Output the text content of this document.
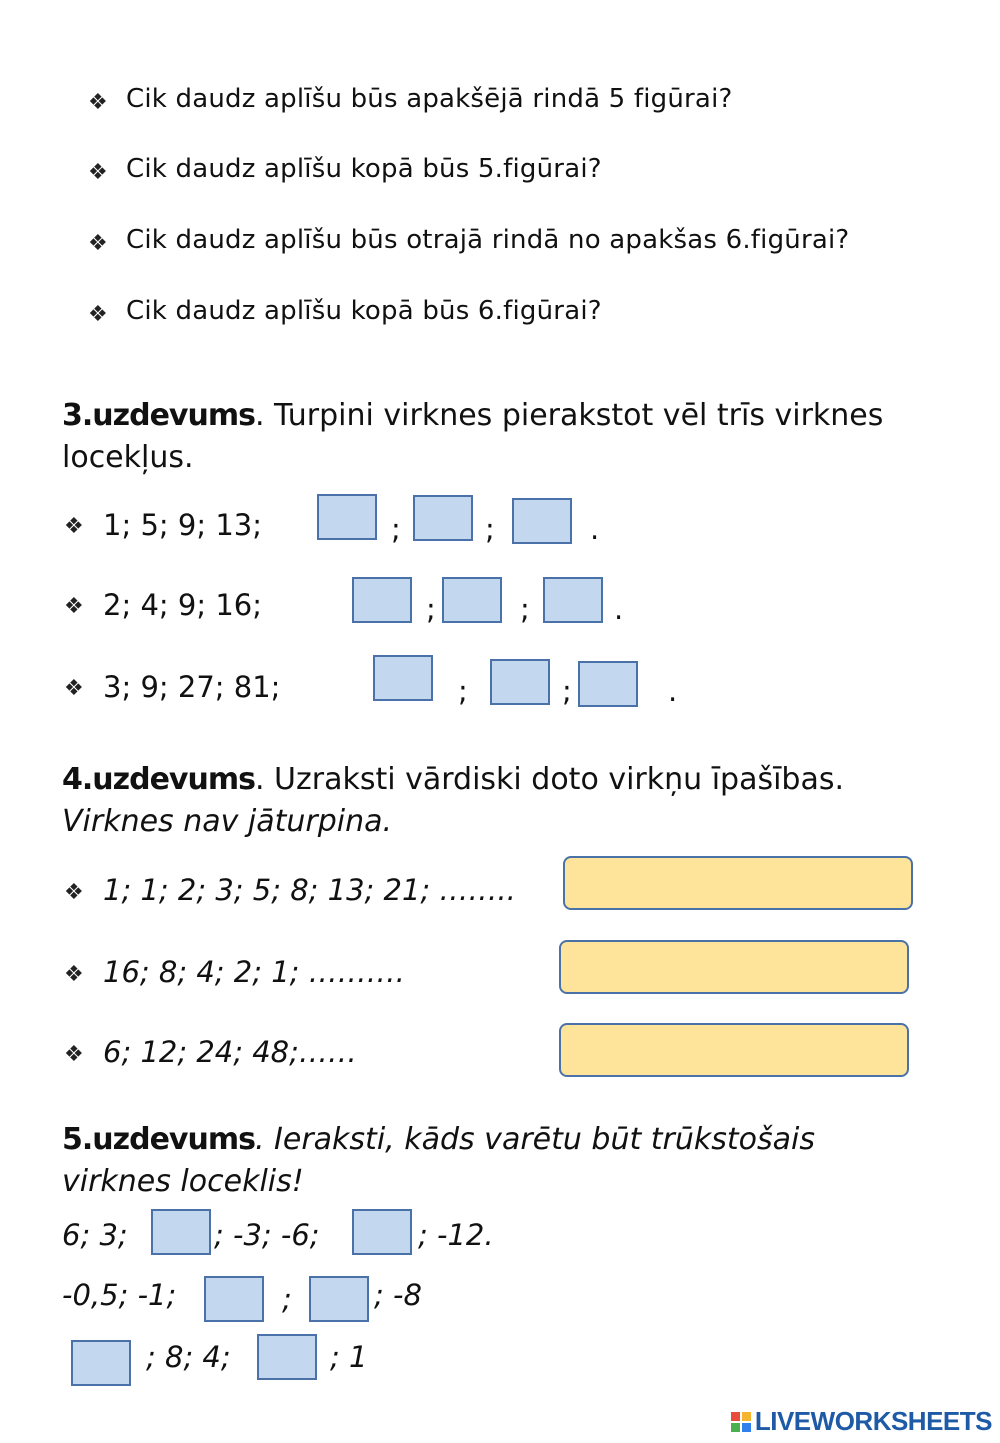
❖ Cik daudz aplīšu būs apakšējā rindā 5 figūrai?
❖ Cik daudz aplīšu kopā būs 5.figūrai?
❖ Cik daudz aplīšu būs otrajā rindā no apakšas 6.figūrai?
❖ Cik daudz aplīšu kopā būs 6.figūrai?
3.uzdevums. Turpini virknes pierakstot vēl trīs virknes
locekļus.
❖ 1; 5; 9; 13;	;	;	.
❖ 2; 4; 9; 16;	;	;	.
❖ 3; 9; 27; 81;	;	;	.
4.uzdevums. Uzraksti vārdiski doto virkņu īpašības.
Virknes nav jāturpina.
❖ 1; 1; 2; 3; 5; 8; 13; 21; ……..
❖ 16; 8; 4; 2; 1; ……….
❖ 6; 12; 24; 48;……
5.uzdevums. Ieraksti, kāds varētu būt trūkstošais
virknes loceklis!
6; 3;	; -3; -6;	; -12.
-0,5; -1;	;	; -8
; 8; 4;	; 1
LIVEWORKSHEETS
